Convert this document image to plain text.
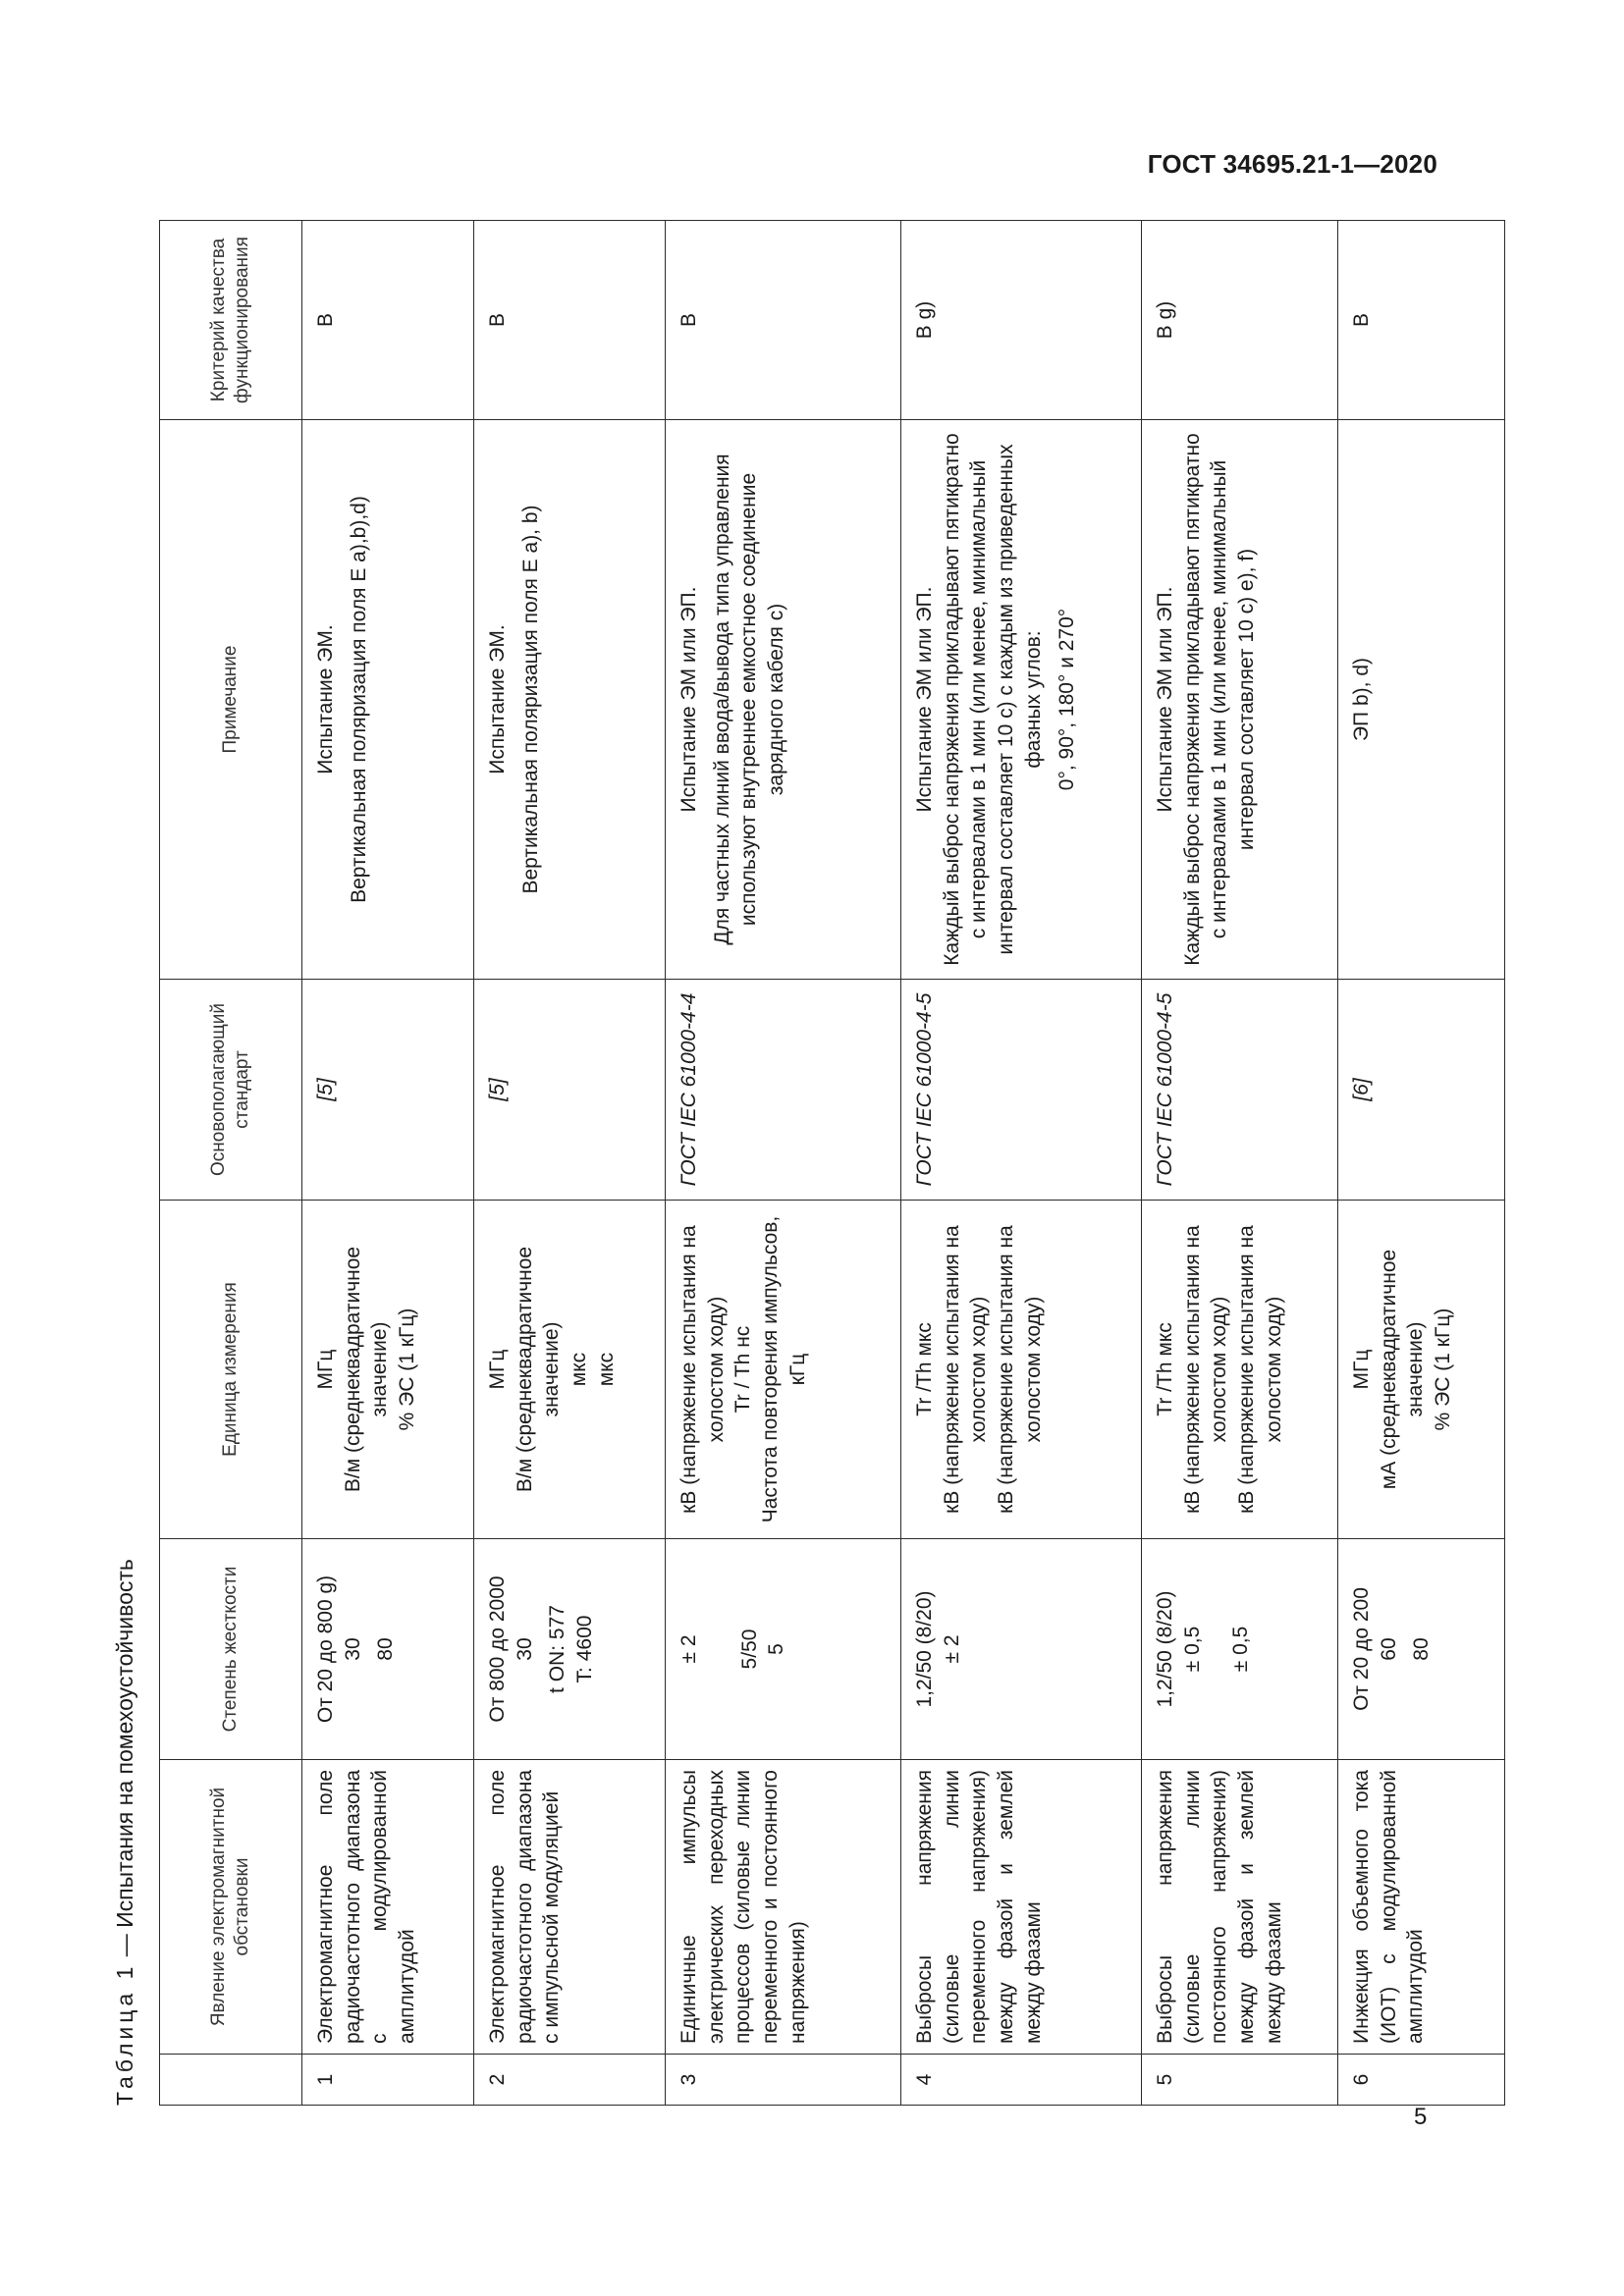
ГОСТ 34695.21-1—2020
Таблица 1 — Испытания на помехоустойчивость
		Явление электромагнитной обстановки	Степень жесткости	Единица измерения	Основополагающий стандарт	Примечание	Критерий качества функционирования
1	Электромагнитное поле радиочастотного диапазона с модулированной амплитудой	От 20 до 800 g) 30 80	МГц В/м (среднеквадратичное значение) % ЭС (1 кГц)	[5]	Испытание ЭМ. Вертикальная поляризация поля E a),b),d)	B
2	Электромагнитное поле радиочастотного диапазона с импульсной модуляцией	От 800 до 2000 30 t ON: 577 T: 4600	МГц В/м (среднеквадратичное значение) мкс мкс	[5]	Испытание ЭМ. Вертикальная поляризация поля E a), b)	B
3	Единичные импульсы электрических переходных процессов (силовые линии переменного и постоянного напряжения)	± 2 5/50 5	кВ (напряжение испытания на холостом ходу) Tr / Th нс Частота повторения импульсов, кГц	ГОСТ IEC 61000-4-4	Испытание ЭМ или ЭП. Для частных линий ввода/вывода типа управления используют внутреннее емкостное соединение зарядного кабеля c)	B
4	Выбросы напряжения (силовые линии переменного напряжения) между фазой и землей между фазами	1,2/50 (8/20) ± 2	Tr /Th мкс кВ (напряжение испытания на холостом ходу) кВ (напряжение испытания на холостом ходу)	ГОСТ IEC 61000-4-5	Испытание ЭМ или ЭП. Каждый выброс напряжения прикладывают пятикратно с интервалами в 1 мин (или менее, минимальный интервал составляет 10 с) с каждым из приведенных фазных углов: 0°, 90°, 180° и 270°	B g)
5	Выбросы напряжения (силовые линии постоянного напряжения) между фазой и землей между фазами	1,2/50 (8/20) ± 0,5 ± 0,5	Tr /Th мкс кВ (напряжение испытания на холостом ходу) кВ (напряжение испытания на холостом ходу)	ГОСТ IEC 61000-4-5	Испытание ЭМ или ЭП. Каждый выброс напряжения прикладывают пятикратно с интервалами в 1 мин (или менее, минимальный интервал составляет 10 с) e), f)	B g)
6	Инжекция объемного тока (ИОТ) с модулированной амплитудой	От 20 до 200 60 80	МГц мА (среднеквадратичное значение) % ЭС (1 кГц)	[6]	ЭП b), d)	B
5
